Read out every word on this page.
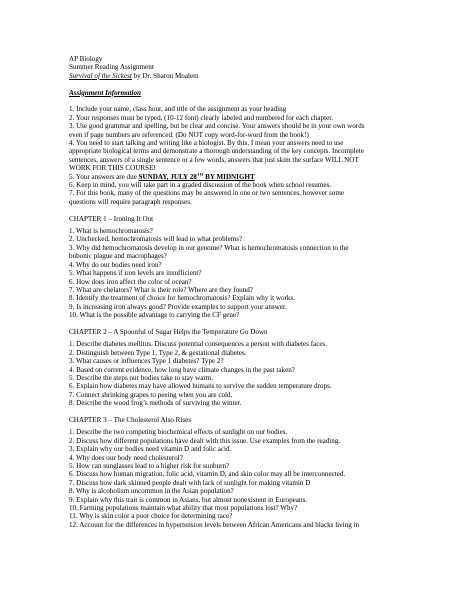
AP Biology
Summer Reading Assignment
Survival of the Sickest by Dr. Sharon Moalem
Assignment Information
1. Include your name, class hour, and title of the assignment as your heading
2. Your responses must be typed, (10-12 font) clearly labeled and numbered for each chapter.
3. Use good grammar and spelling, but be clear and concise. Your answers should be in your own words
even if page numbers are referenced. (Do NOT copy word-for-word from the book!)
4. You need to start talking and writing like a biologist. By this, I mean your answers need to use
appropriate biological terms and demonstrate a thorough understanding of the key concepts. Incomplete
sentences, answers of a single sentence or a few words, answers that just skim the surface WILL NOT
WORK FOR THIS COURSE!
5. Your answers are due SUNDAY, JULY 28TH BY MIDNIGHT
6. Keep in mind, you will take part in a graded discussion of the book when school resumes.
7. For this book, many of the questions may be answered in one or two sentences, however some
questions will require paragraph responses.
CHAPTER 1 – Ironing It Out
1. What is hemochromatosis?
2. Unchecked, hemochromatosis will lead to what problems?
3. Why did hemochromatosis develop in our genome? What is hemochromatosis connection to the
bubonic plague and macrophages?
4. Why do our bodies need iron?
5. What happens if iron levels are insufficient?
6. How does iron affect the color of ocean?
7. What are chelators? What is their role? Where are they found?
8. Identify the treatment of choice for hemochromatosis? Explain why it works.
9. Is increasing iron always good? Provide examples to support your answer.
10. What is the possible advantage to carrying the CF gene?
CHAPTER 2 – A Spoonful of Sugar Helps the Temperature Go Down
1. Describe diabetes mellitus. Discuss potential consequences a person with diabetes faces.
2. Distinguish between Type 1, Type 2, & gestational diabetes.
3. What causes or influences Type 1 diabetes? Type 2?
4. Based on current evidence, how long have climate changes in the past taken?
5. Describe the steps our bodies take to stay warm.
6. Explain how diabetes may have allowed humans to survive the sudden temperature drops.
7. Connect shrinking grapes to peeing when you are cold.
8. Describe the wood frog’s methods of surviving the winter.
CHAPTER 3 – The Cholesterol Also Rises
1. Describe the two competing biochemical effects of sunlight on our bodies.
2. Discuss how different populations have dealt with this issue. Use examples from the reading.
3. Explain why our bodies need vitamin D and folic acid.
4. Why does our body need cholesterol?
5. How can sunglasses lead to a higher risk for sunburn?
6. Discuss how human migration, folic acid, vitamin D, and skin color may all be interconnected.
7. Discuss how dark skinned people dealt with lack of sunlight for making vitamin D
8. Why is alcoholism uncommon in the Asian population?
9. Explain why this trait is common in Asians, but almost nonexistent in Europeans.
10. Farming populations maintain what ability that most populations lost? Why?
11. Why is skin color a poor choice for determining race?
12. Account for the differences in hypertension levels between African Americans and blacks living in
